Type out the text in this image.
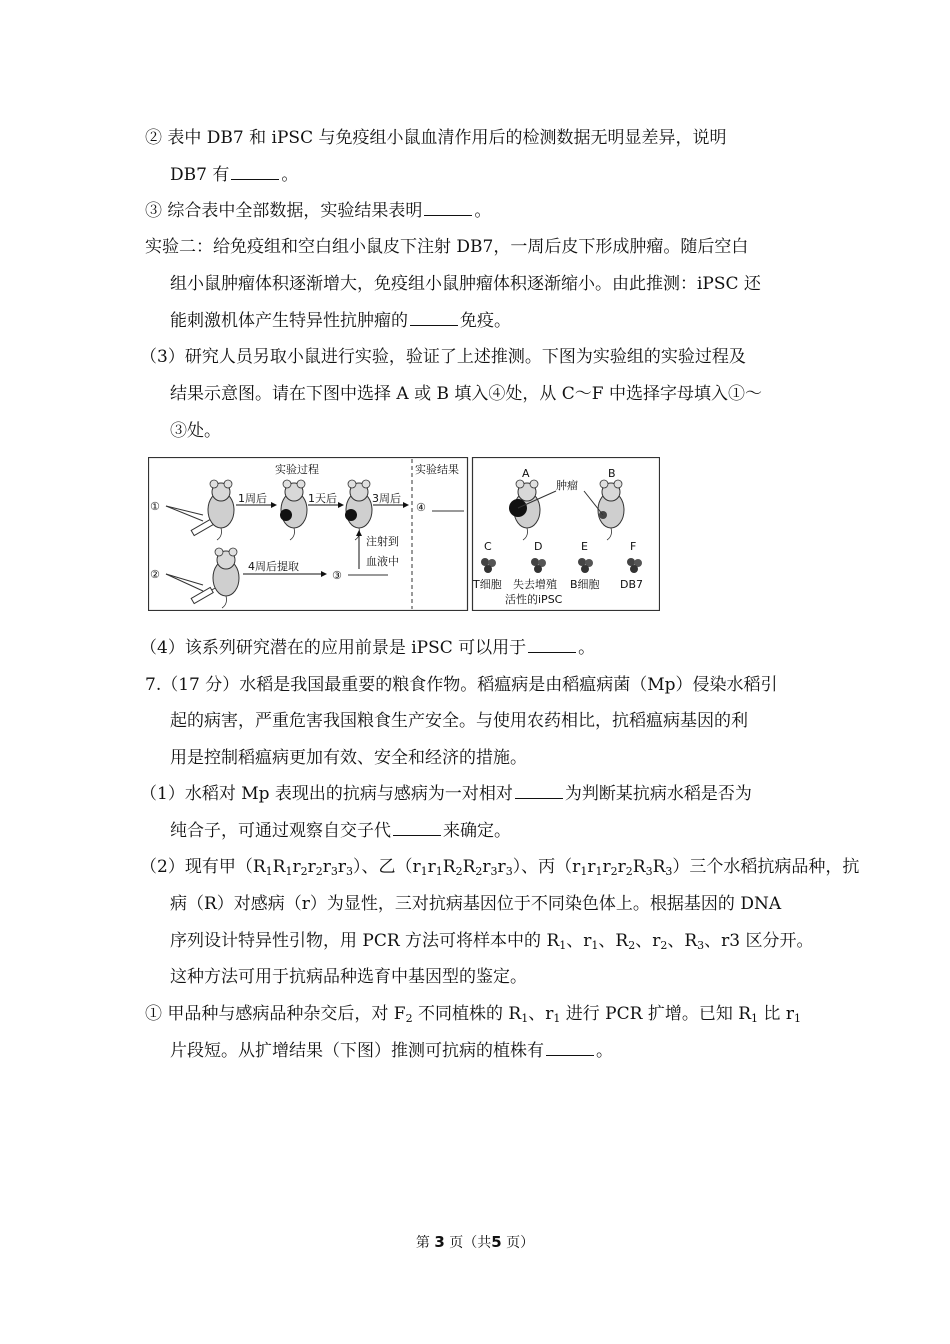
② 表中 DB7 和 iPSC 与免疫组小鼠血清作用后的检测数据无明显差异，说明
DB7 有	。
③ 综合表中全部数据，实验结果表明	。
实验二：给免疫组和空白组小鼠皮下注射 DB7，一周后皮下形成肿瘤。随后空白
组小鼠肿瘤体积逐渐增大，免疫组小鼠肿瘤体积逐渐缩小。由此推测：iPSC 还
能刺激机体产生特异性抗肿瘤的	免疫。
（3）研究人员另取小鼠进行实验，验证了上述推测。下图为实验组的实验过程及
结果示意图。请在下图中选择 A 或 B 填入④处，从 C～F 中选择字母填入①～
③处。
实验过程	实验结果
①
1周后	1天后	3周后
④
注射到
血液中
②
4周后提取
③
A	B
肿瘤
C	D	E	F
T细胞 失去增殖
活性的iPSC
B细胞 DB7
（4）该系列研究潜在的应用前景是 iPSC 可以用于	。
7.（17 分）水稻是我国最重要的粮食作物。稻瘟病是由稻瘟病菌（Mp）侵染水稻引
起的病害，严重危害我国粮食生产安全。与使用农药相比，抗稻瘟病基因的利
用是控制稻瘟病更加有效、安全和经济的措施。
（1）水稻对 Mp 表现出的抗病与感病为一对相对	为判断某抗病水稻是否为
纯合子，可通过观察自交子代	来确定。
（2）现有甲$(R_1R_1r_2r_2r_3r_3)$、乙$(r_1r_1R_2R_2r_3r_3)$、丙$(r_1r_1r_2r_2R_3R_3)$三个水稻抗病品种，抗
病（R）对感病（r）为显性，三对抗病基因位于不同染色体上。根据基因的 DNA
序列设计特异性引物，用 PCR 方法可将样本中的 $R_1$、$r_1$、$R_2$、$r_2$、$R_3$、r3 区分开。
这种方法可用于抗病品种选育中基因型的鉴定。
① 甲品种与感病品种杂交后，对 $F_2$ 不同植株的 $R_1$、$r_1$ 进行 PCR 扩增。已知 $R_1$ 比 $r_1$
片段短。从扩增结果（下图）推测可抗病的植株有	。
第 3 页（共5 页）
